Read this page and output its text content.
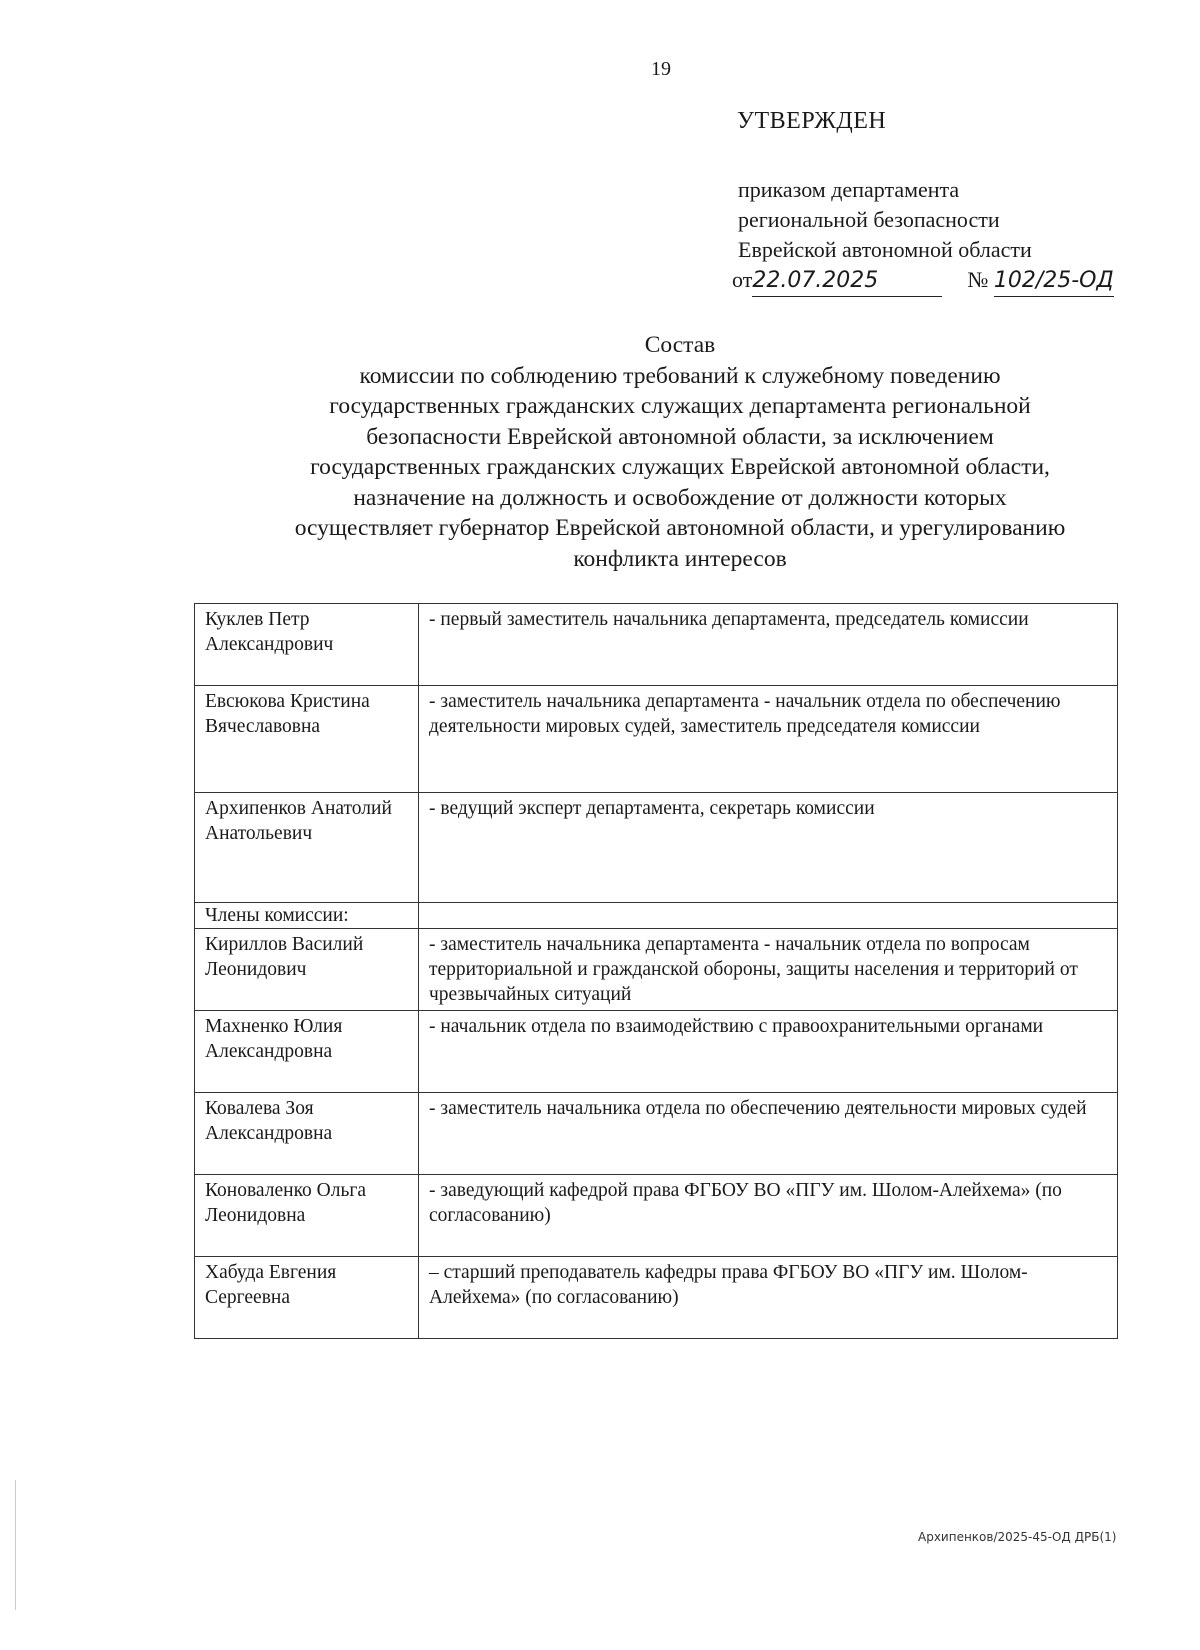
19
УТВЕРЖДЕН
приказом департамента
региональной безопасности
Еврейской автономной области
от22.07.2025	№ 102/25-ОД
Состав
комиссии по соблюдению требований к служебному поведению
государственных гражданских служащих департамента региональной
безопасности Еврейской автономной области, за исключением
государственных гражданских служащих Еврейской автономной области,
назначение на должность и освобождение от должности которых
осуществляет губернатор Еврейской автономной области, и урегулированию
конфликта интересов
Куклев Петр Александрович	- первый заместитель начальника департамента, председатель комиссии
Евсюкова Кристина Вячеславовна	- заместитель начальника департамента - начальник отдела по обеспечению деятельности мировых судей, заместитель председателя комиссии
Архипенков Анатолий Анатольевич	- ведущий эксперт департамента, секретарь комиссии
Члены комиссии:	
Кириллов Василий Леонидович	- заместитель начальника департамента - начальник отдела по вопросам территориальной и гражданской обороны, защиты населения и территорий от чрезвычайных ситуаций
Махненко Юлия Александровна	- начальник отдела по взаимодействию с правоохранительными органами
Ковалева Зоя Александровна	- заместитель начальника отдела по обеспечению деятельности мировых судей
Коноваленко Ольга Леонидовна	- заведующий кафедрой права ФГБОУ ВО «ПГУ им. Шолом-Алейхема» (по согласованию)
Хабуда Евгения Сергеевна	– старший преподаватель кафедры права ФГБОУ ВО «ПГУ им. Шолом-Алейхема» (по согласованию)
Архипенков/2025-45-ОД ДРБ(1)
